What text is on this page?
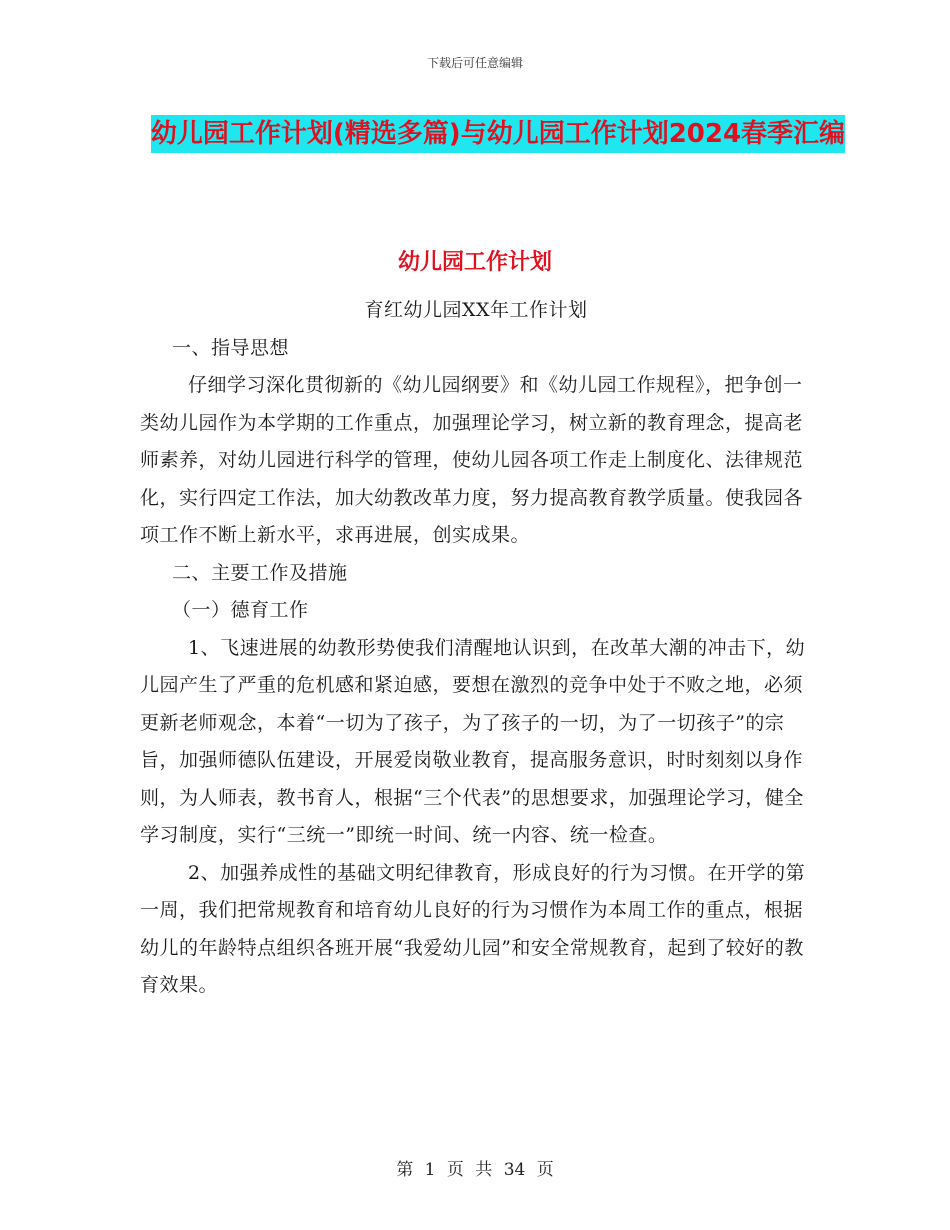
下载后可任意编辑
幼儿园工作计划(精选多篇)与幼儿园工作计划2024春季汇编
幼儿园工作计划

育红幼儿园XX年工作计划

一、指导思想

仔细学习深化贯彻新的《幼儿园纲要》和《幼儿园工作规程》，把争创一类幼儿园作为本学期的工作重点，加强理论学习，树立新的教育理念，提高老师素养，对幼儿园进行科学的管理，使幼儿园各项工作走上制度化、法律规范化，实行四定工作法，加大幼教改革力度，努力提高教育教学质量。使我园各项工作不断上新水平，求再进展，创实成果。

二、主要工作及措施

（一）德育工作

1、飞速进展的幼教形势使我们清醒地认识到，在改革大潮的冲击下，幼儿园产生了严重的危机感和紧迫感，要想在激烈的竞争中处于不败之地，必须更新老师观念，本着“一切为了孩子，为了孩子的一切，为了一切孩子”的宗旨，加强师德队伍建设，开展爱岗敬业教育，提高服务意识，时时刻刻以身作则，为人师表，教书育人，根据“三个代表”的思想要求，加强理论学习，健全学习制度，实行“三统一”即统一时间、统一内容、统一检查。

2、加强养成性的基础文明纪律教育，形成良好的行为习惯。在开学的第一周，我们把常规教育和培育幼儿良好的行为习惯作为本周工作的重点，根据幼儿的年龄特点组织各班开展“我爱幼儿园”和安全常规教育，起到了较好的教育效果。

第 1 页 共 34 页
